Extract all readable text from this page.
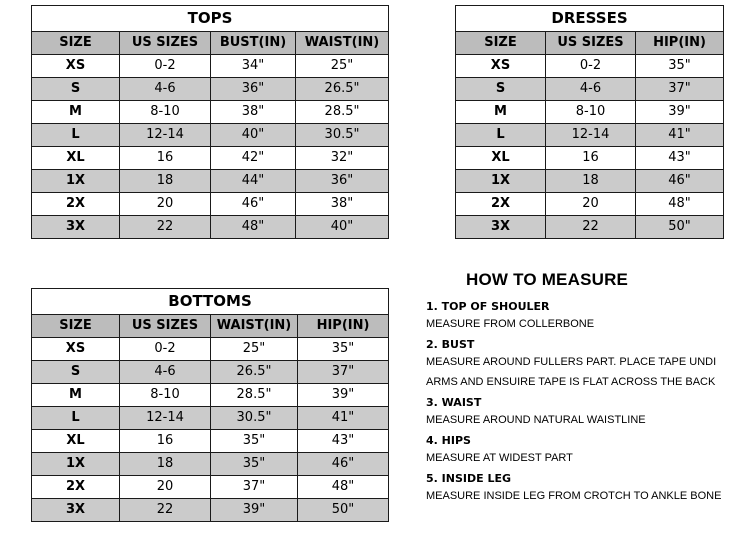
TOPS			
SIZE	US SIZES	BUST(IN)	WAIST(IN)
XS	0-2	34"	25"
S	4-6	36"	26.5"
M	8-10	38"	28.5"
L	12-14	40"	30.5"
XL	16	42"	32"
1X	18	44"	36"
2X	20	46"	38"
3X	22	48"	40"
DRESSES		
SIZE	US SIZES	HIP(IN)
XS	0-2	35"
S	4-6	37"
M	8-10	39"
L	12-14	41"
XL	16	43"
1X	18	46"
2X	20	48"
3X	22	50"
BOTTOMS			
SIZE	US SIZES	WAIST(IN)	HIP(IN)
XS	0-2	25"	35"
S	4-6	26.5"	37"
M	8-10	28.5"	39"
L	12-14	30.5"	41"
XL	16	35"	43"
1X	18	35"	46"
2X	20	37"	48"
3X	22	39"	50"
HOW TO MEASURE
1. TOP OF SHOULER
MEASURE FROM COLLERBONE
2. BUST
MEASURE AROUND FULLERS PART. PLACE TAPE UNDI
ARMS AND ENSUIRE TAPE IS FLAT ACROSS THE BACK
3. WAIST
MEASURE AROUND NATURAL WAISTLINE
4. HIPS
MEASURE AT WIDEST PART
5. INSIDE LEG
MEASURE INSIDE LEG FROM CROTCH TO ANKLE BONE
